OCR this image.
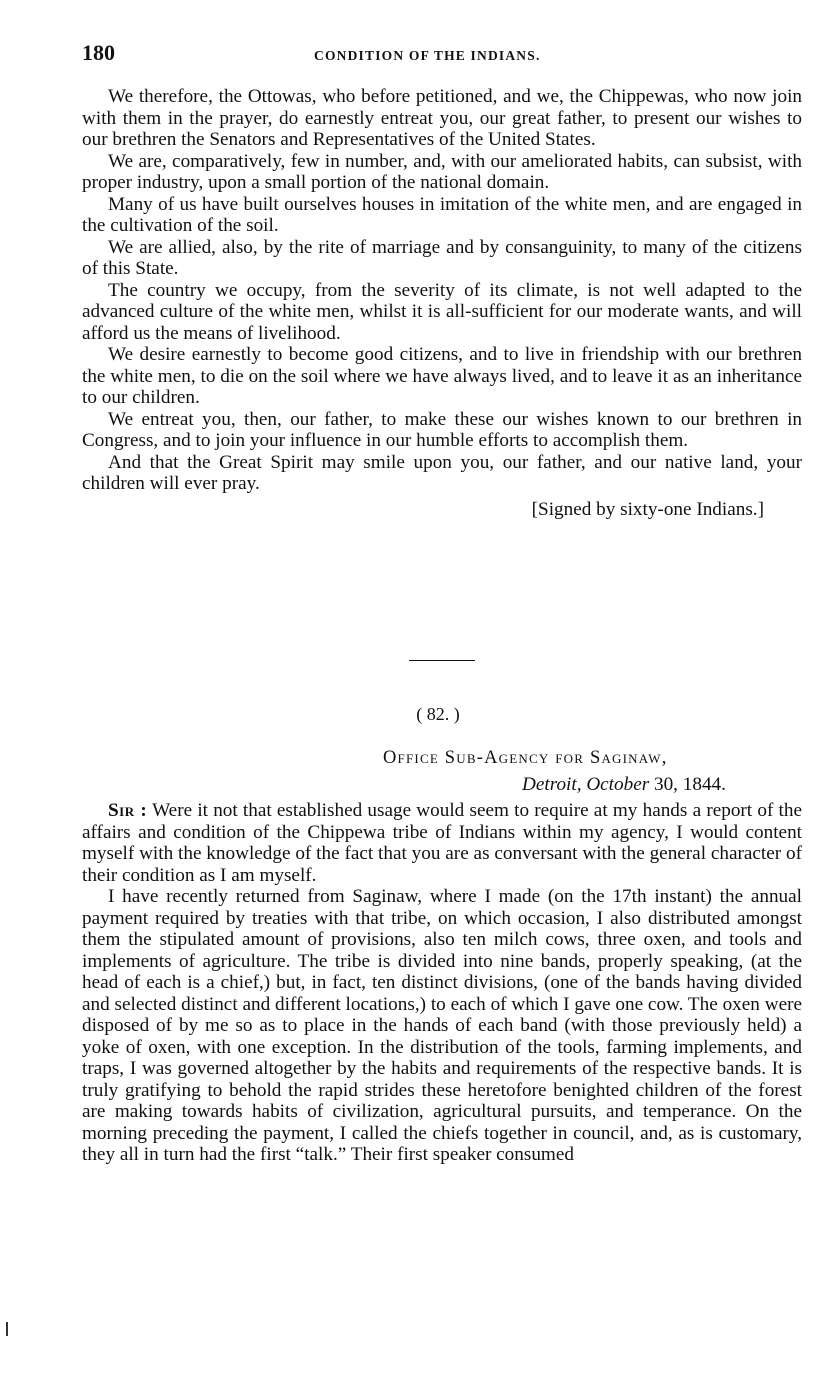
180	CONDITION OF THE INDIANS.

We therefore, the Ottowas, who before petitioned, and we, the Chippewas, who now join with them in the prayer, do earnestly entreat you, our great father, to present our wishes to our brethren the Senators and Representatives of the United States.

We are, comparatively, few in number, and, with our ameliorated habits, can subsist, with proper industry, upon a small portion of the national domain.

Many of us have built ourselves houses in imitation of the white men, and are engaged in the cultivation of the soil.

We are allied, also, by the rite of marriage and by consanguinity, to many of the citizens of this State.

The country we occupy, from the severity of its climate, is not well adapted to the advanced culture of the white men, whilst it is all-sufficient for our moderate wants, and will afford us the means of livelihood.

We desire earnestly to become good citizens, and to live in friendship with our brethren the white men, to die on the soil where we have always lived, and to leave it as an inheritance to our children.

We entreat you, then, our father, to make these our wishes known to our brethren in Congress, and to join your influence in our humble efforts to accomplish them.

And that the Great Spirit may smile upon you, our father, and our native land, your children will ever pray.

[Signed by sixty-one Indians.]
( 82. )
Office Sub-Agency for Saginaw,
Detroit, October 30, 1844.

Sir : Were it not that established usage would seem to require at my hands a report of the affairs and condition of the Chippewa tribe of Indians within my agency, I would content myself with the knowledge of the fact that you are as conversant with the general character of their condition as I am myself.

I have recently returned from Saginaw, where I made (on the 17th instant) the annual payment required by treaties with that tribe, on which occasion, I also distributed amongst them the stipulated amount of provisions, also ten milch cows, three oxen, and tools and implements of agriculture. The tribe is divided into nine bands, properly speaking, (at the head of each is a chief,) but, in fact, ten distinct divisions, (one of the bands having divided and selected distinct and different locations,) to each of which I gave one cow. The oxen were disposed of by me so as to place in the hands of each band (with those previously held) a yoke of oxen, with one exception. In the distribution of the tools, farming implements, and traps, I was governed altogether by the habits and requirements of the respective bands. It is truly gratifying to behold the rapid strides these heretofore benighted children of the forest are making towards habits of civilization, agricultural pursuits, and temperance. On the morning preceding the payment, I called the chiefs together in council, and, as is customary, they all in turn had the first “talk.” Their first speaker consumed
